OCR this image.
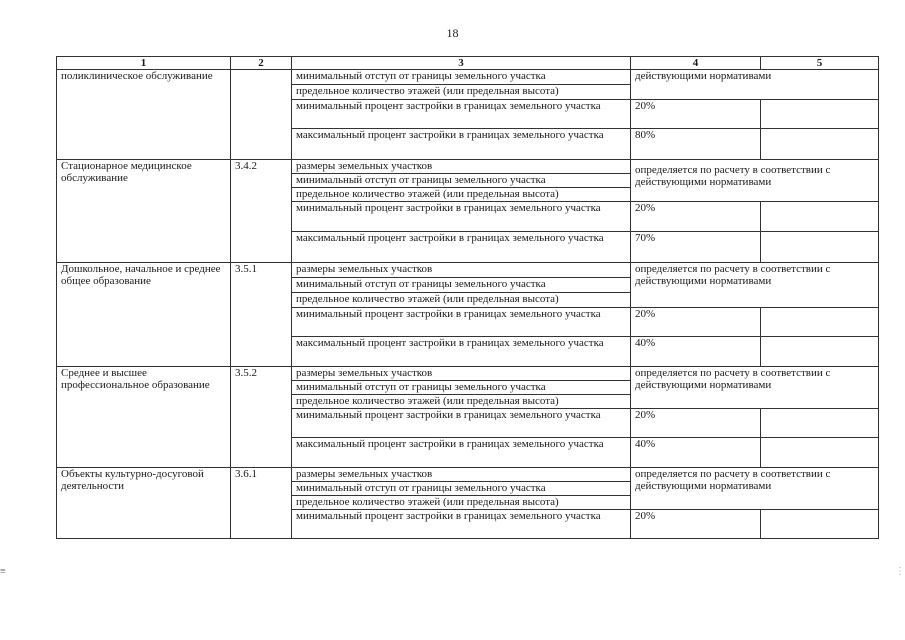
18
1	2	3	4	5
поликлиническое обслуживание		минимальный отступ от границы земельного участка	действующими нормативами	
		предельное количество этажей (или предельная высота)		
		минимальный процент застройки в границах земельного участка	20%	
		максимальный процент застройки в границах земельного участка	80%	
Стационарное медицинское обслуживание	3.4.2	размеры земельных участков	определяется по расчету в соответствии с действующими нормативами	
		минимальный отступ от границы земельного участка		
		предельное количество этажей (или предельная высота)		
		минимальный процент застройки в границах земельного участка	20%	
		максимальный процент застройки в границах земельного участка	70%	
Дошкольное, начальное и среднее общее образование	3.5.1	размеры земельных участков	определяется по расчету в соответствии с действующими нормативами	
		минимальный отступ от границы земельного участка		
		предельное количество этажей (или предельная высота)		
		минимальный процент застройки в границах земельного участка	20%	
		максимальный процент застройки в границах земельного участка	40%	
Среднее и высшее профессиональное образование	3.5.2	размеры земельных участков	определяется по расчету в соответствии с действующими нормативами	
		минимальный отступ от границы земельного участка		
		предельное количество этажей (или предельная высота)		
		минимальный процент застройки в границах земельного участка	20%	
		максимальный процент застройки в границах земельного участка	40%	
Объекты культурно-досуговой деятельности	3.6.1	размеры земельных участков	определяется по расчету в соответствии с действующими нормативами	
		минимальный отступ от границы земельного участка		
		предельное количество этажей (или предельная высота)		
		минимальный процент застройки в границах земельного участка	20%	
≡	⋮
